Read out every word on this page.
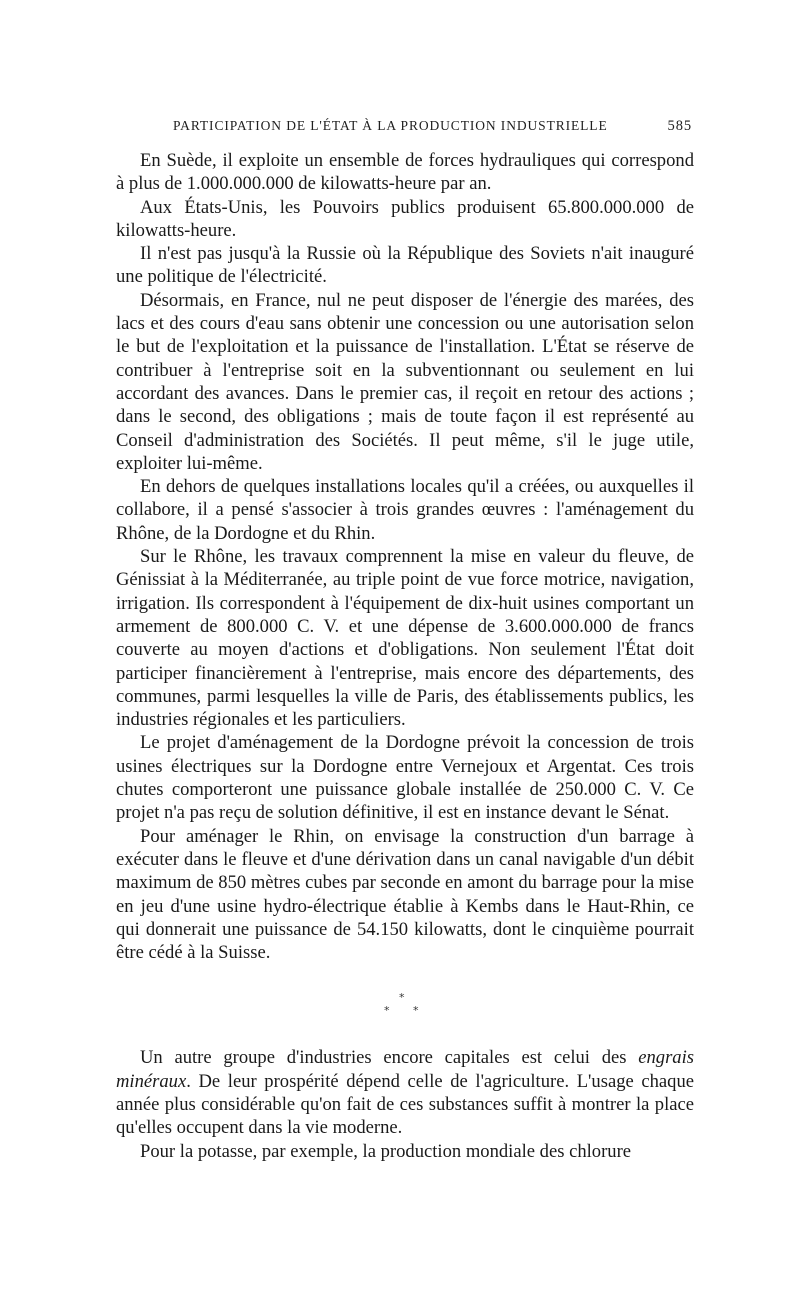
PARTICIPATION DE L'ÉTAT À LA PRODUCTION INDUSTRIELLE	585

En Suède, il exploite un ensemble de forces hydrauliques qui correspond à plus de 1.000.000.000 de kilowatts-heure par an.

Aux États-Unis, les Pouvoirs publics produisent 65.800.000.000 de kilowatts-heure.

Il n'est pas jusqu'à la Russie où la République des Soviets n'ait inauguré une politique de l'électricité.

Désormais, en France, nul ne peut disposer de l'énergie des marées, des lacs et des cours d'eau sans obtenir une concession ou une autorisation selon le but de l'exploitation et la puissance de l'installation. L'État se réserve de contribuer à l'entreprise soit en la subventionnant ou seulement en lui accordant des avances. Dans le premier cas, il reçoit en retour des actions ; dans le second, des obligations ; mais de toute façon il est représenté au Conseil d'administration des Sociétés. Il peut même, s'il le juge utile, exploiter lui-même.

En dehors de quelques installations locales qu'il a créées, ou auxquelles il collabore, il a pensé s'associer à trois grandes œuvres : l'aménagement du Rhône, de la Dordogne et du Rhin.

Sur le Rhône, les travaux comprennent la mise en valeur du fleuve, de Génissiat à la Méditerranée, au triple point de vue force motrice, navigation, irrigation. Ils correspondent à l'équipement de dix-huit usines comportant un armement de 800.000 C. V. et une dépense de 3.600.000.000 de francs couverte au moyen d'actions et d'obligations. Non seulement l'État doit participer financièrement à l'entreprise, mais encore des départements, des communes, parmi lesquelles la ville de Paris, des établissements publics, les industries régionales et les particuliers.

Le projet d'aménagement de la Dordogne prévoit la concession de trois usines électriques sur la Dordogne entre Vernejoux et Argentat. Ces trois chutes comporteront une puissance globale installée de 250.000 C. V. Ce projet n'a pas reçu de solution définitive, il est en instance devant le Sénat.

Pour aménager le Rhin, on envisage la construction d'un barrage à exécuter dans le fleuve et d'une dérivation dans un canal navigable d'un débit maximum de 850 mètres cubes par seconde en amont du barrage pour la mise en jeu d'une usine hydro-électrique établie à Kembs dans le Haut-Rhin, ce qui donnerait une puissance de 54.150 kilowatts, dont le cinquième pourrait être cédé à la Suisse.

*
* *

Un autre groupe d'industries encore capitales est celui des engrais minéraux. De leur prospérité dépend celle de l'agriculture. L'usage chaque année plus considérable qu'on fait de ces substances suffit à montrer la place qu'elles occupent dans la vie moderne.

Pour la potasse, par exemple, la production mondiale des chlorure
